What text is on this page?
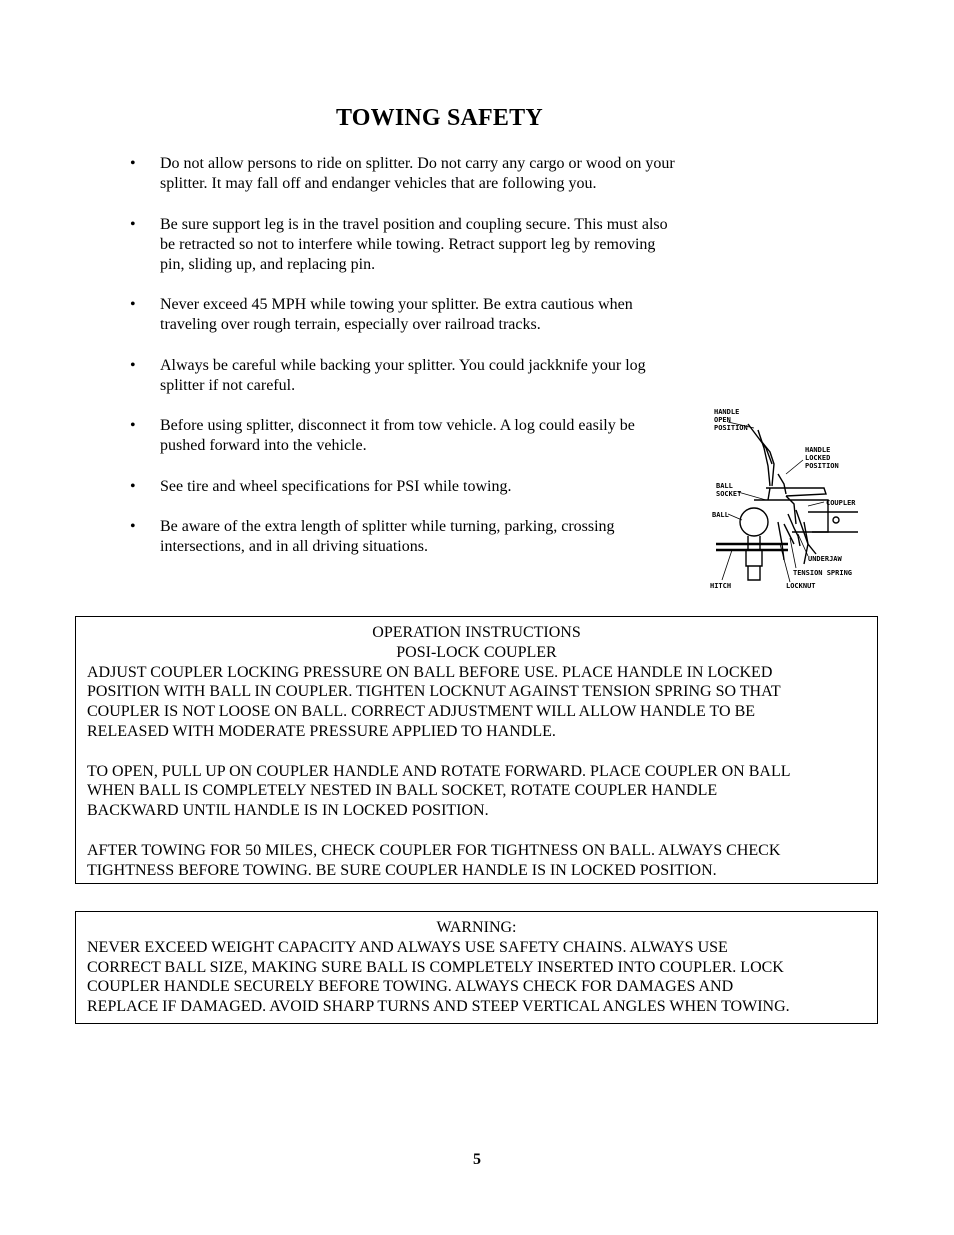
TOWING SAFETY
• Do not allow persons to ride on splitter. Do not carry any cargo or wood on your
splitter. It may fall off and endanger vehicles that are following you.
• Be sure support leg is in the travel position and coupling secure. This must also
be retracted so not to interfere while towing. Retract support leg by removing
pin, sliding up, and replacing pin.
• Never exceed 45 MPH while towing your splitter. Be extra cautious when
traveling over rough terrain, especially over railroad tracks.
• Always be careful while backing your splitter. You could jackknife your log
splitter if not careful.
• Before using splitter, disconnect it from tow vehicle. A log could easily be
pushed forward into the vehicle.
• See tire and wheel specifications for PSI while towing.
• Be aware of the extra length of splitter while turning, parking, crossing
intersections, and in all driving situations.
HANDLE
OPEN
POSITION
HANDLE
LOCKED
POSITION
BALL
SOCKET
COUPLER
BALL
UNDERJAW
TENSION SPRING
HITCH	LOCKNUT
OPERATION INSTRUCTIONS
POSI-LOCK COUPLER
ADJUST COUPLER LOCKING PRESSURE ON BALL BEFORE USE. PLACE HANDLE IN LOCKED
POSITION WITH BALL IN COUPLER. TIGHTEN LOCKNUT AGAINST TENSION SPRING SO THAT
COUPLER IS NOT LOOSE ON BALL. CORRECT ADJUSTMENT WILL ALLOW HANDLE TO BE
RELEASED WITH MODERATE PRESSURE APPLIED TO HANDLE.
TO OPEN, PULL UP ON COUPLER HANDLE AND ROTATE FORWARD. PLACE COUPLER ON BALL
WHEN BALL IS COMPLETELY NESTED IN BALL SOCKET, ROTATE COUPLER HANDLE
BACKWARD UNTIL HANDLE IS IN LOCKED POSITION.
AFTER TOWING FOR 50 MILES, CHECK COUPLER FOR TIGHTNESS ON BALL. ALWAYS CHECK
TIGHTNESS BEFORE TOWING. BE SURE COUPLER HANDLE IS IN LOCKED POSITION.
WARNING:
NEVER EXCEED WEIGHT CAPACITY AND ALWAYS USE SAFETY CHAINS. ALWAYS USE
CORRECT BALL SIZE, MAKING SURE BALL IS COMPLETELY INSERTED INTO COUPLER. LOCK
COUPLER HANDLE SECURELY BEFORE TOWING. ALWAYS CHECK FOR DAMAGES AND
REPLACE IF DAMAGED. AVOID SHARP TURNS AND STEEP VERTICAL ANGLES WHEN TOWING.
5
